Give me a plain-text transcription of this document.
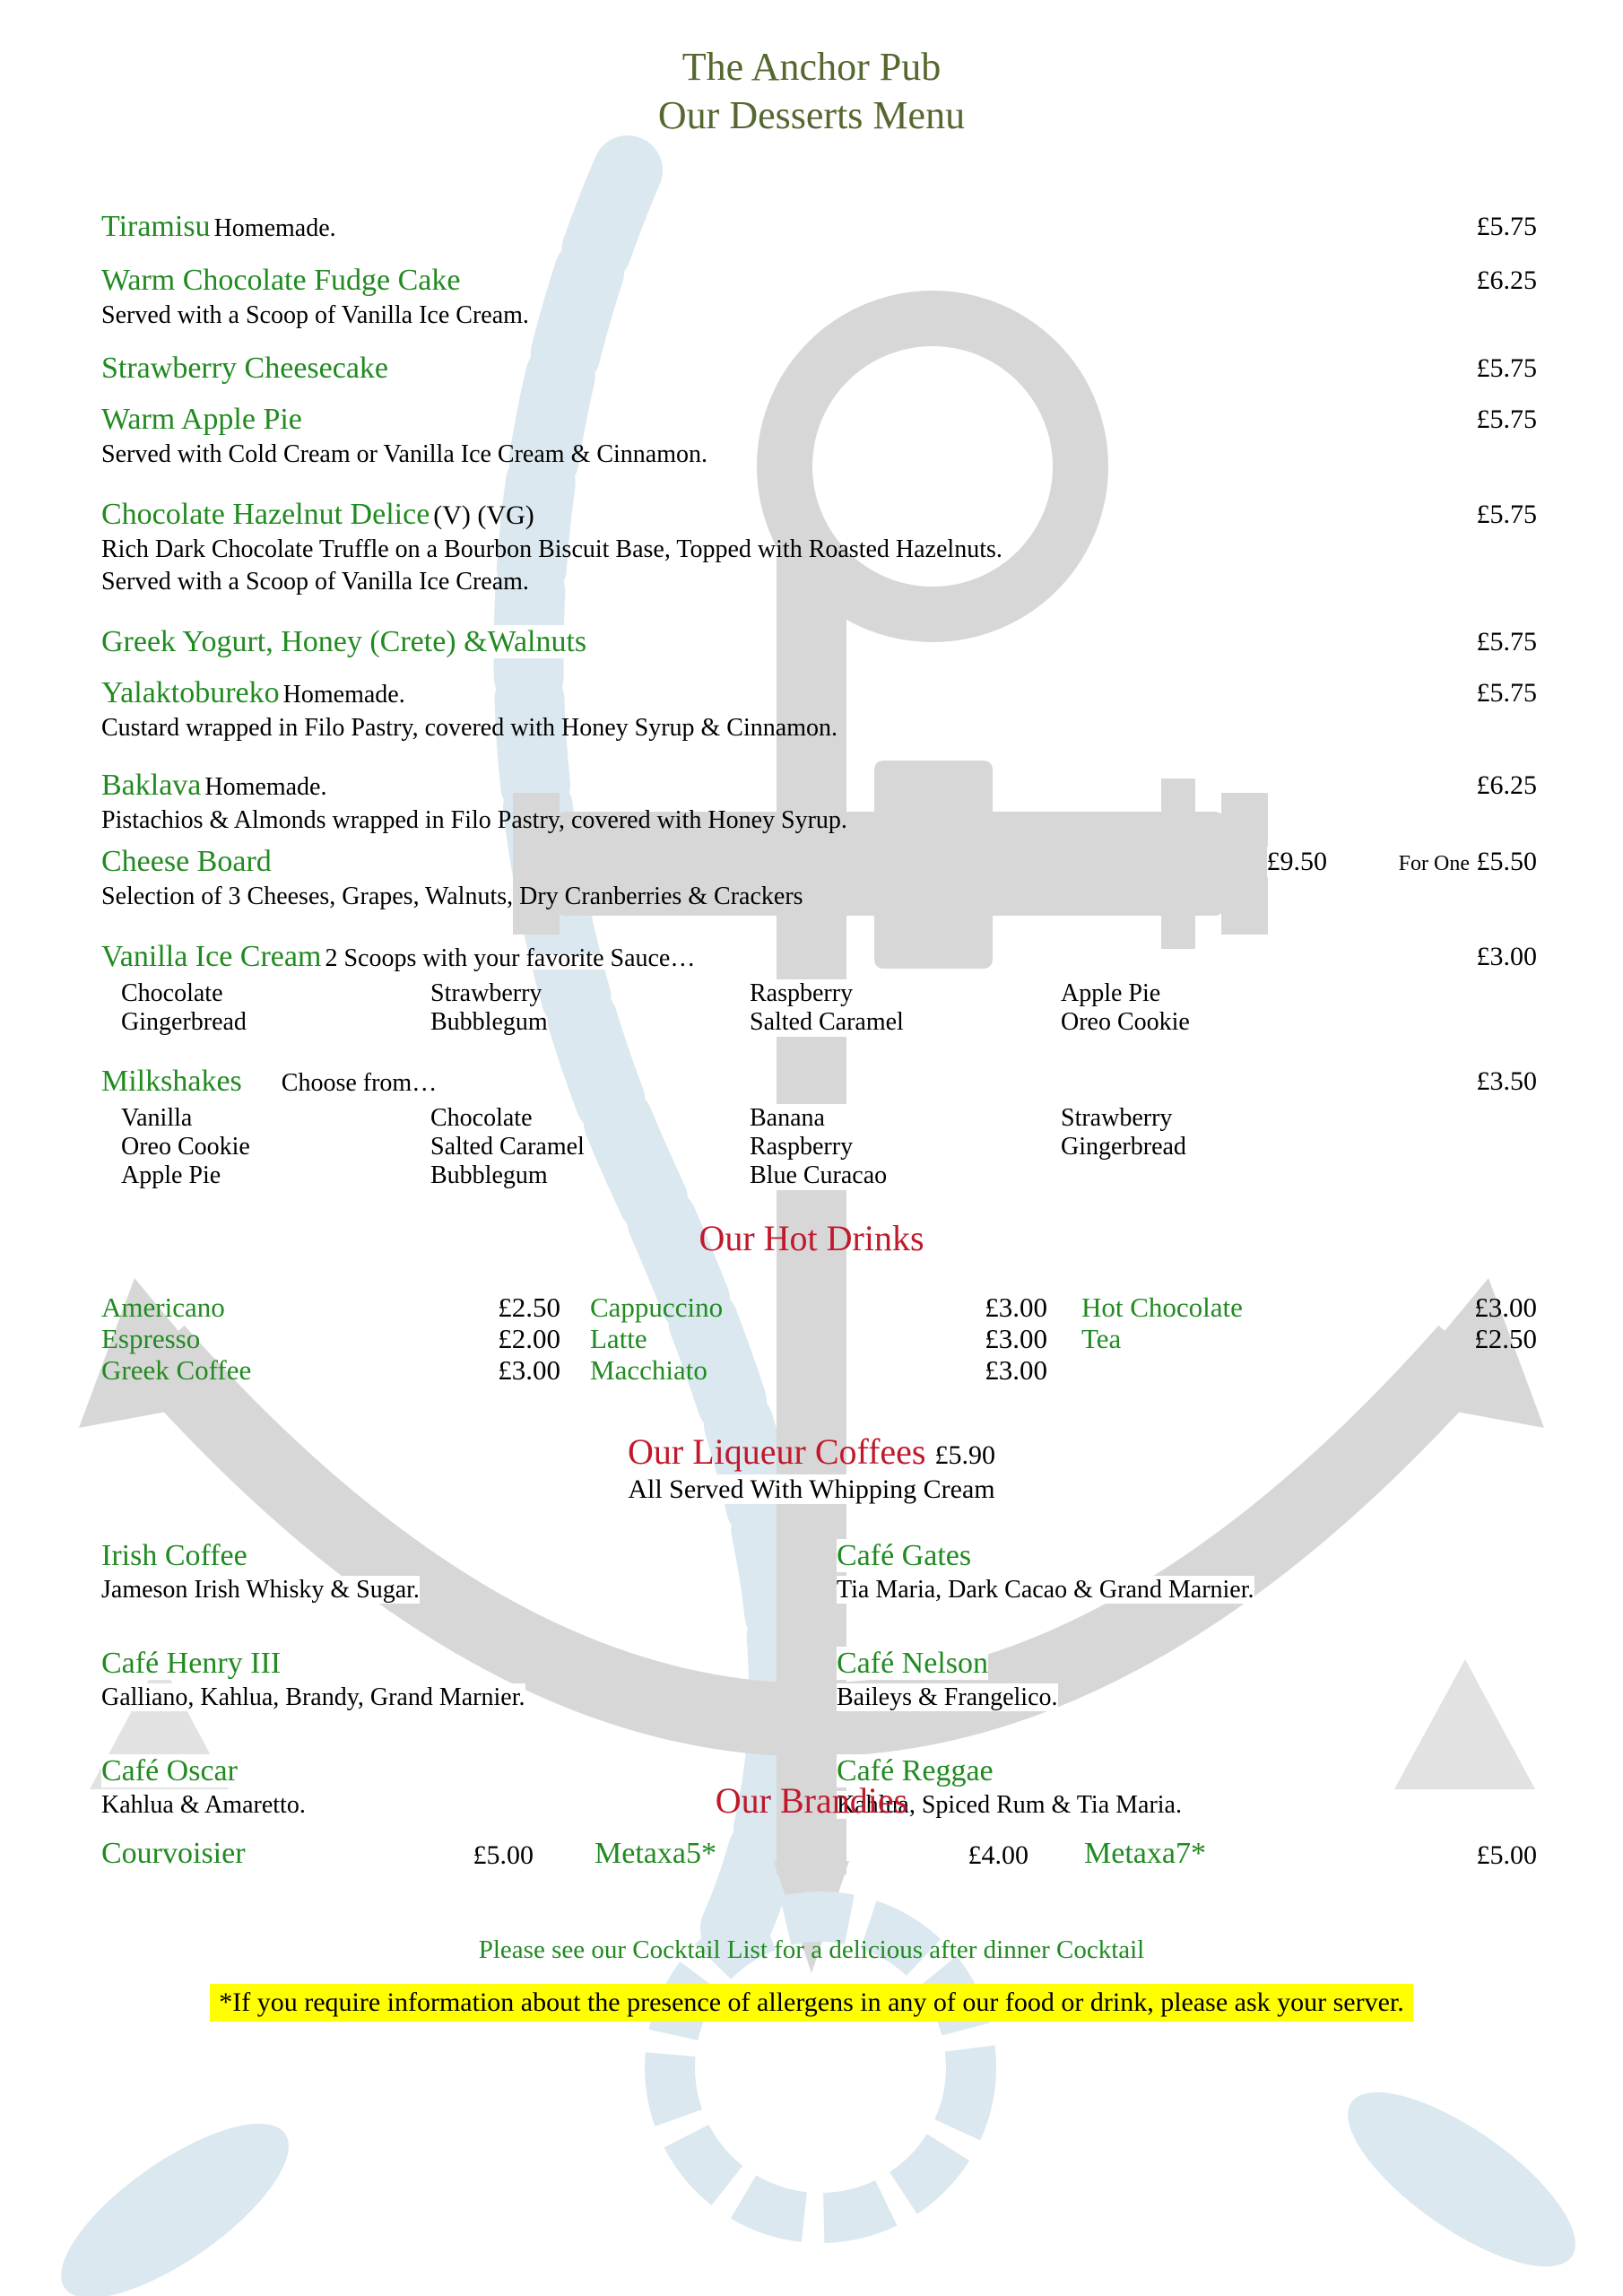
The Anchor Pub
Our Desserts Menu
Tiramisu Homemade.	£5.75
Warm Chocolate Fudge Cake	£6.25
Served with a Scoop of Vanilla Ice Cream.
Strawberry Cheesecake	£5.75
Warm Apple Pie	£5.75
Served with Cold Cream or Vanilla Ice Cream & Cinnamon.
Chocolate Hazelnut Delice (V) (VG)	£5.75
Rich Dark Chocolate Truffle on a Bourbon Biscuit Base, Topped with Roasted Hazelnuts.
Served with a Scoop of Vanilla Ice Cream.
Greek Yogurt, Honey (Crete) &Walnuts	£5.75
Yalaktobureko Homemade.	£5.75
Custard wrapped in Filo Pastry, covered with Honey Syrup & Cinnamon.
Baklava Homemade.	£6.25
Pistachios & Almonds wrapped in Filo Pastry, covered with Honey Syrup.
Cheese Board	£9.50	For One £5.50
Selection of 3 Cheeses, Grapes, Walnuts, Dry Cranberries & Crackers
Vanilla Ice Cream 2 Scoops with your favorite Sauce…	£3.00
Chocolate
Gingerbread
Strawberry
Bubblegum
Raspberry
Salted Caramel
Apple Pie
Oreo Cookie
Milkshakes Choose from…	£3.50
Vanilla
Oreo Cookie
Apple Pie
Chocolate
Salted Caramel
Bubblegum
Banana
Raspberry
Blue Curacao
Strawberry
Gingerbread
Our Hot Drinks
Americano	£2.50
Espresso	£2.00
Greek Coffee	£3.00
Cappuccino	£3.00
Latte	£3.00
Macchiato	£3.00
Hot Chocolate	£3.00
Tea	£2.50
Our Liqueur Coffees £5.90
All Served With Whipping Cream
Irish Coffee
Jameson Irish Whisky & Sugar.
Café Henry III
Galliano, Kahlua, Brandy, Grand Marnier.
Café Oscar
Kahlua & Amaretto.
Café Gates
Tia Maria, Dark Cacao & Grand Marnier.
Café Nelson
Baileys & Frangelico.
Café Reggae
Kahlua, Spiced Rum & Tia Maria.
Our Brandies
Courvoisier	£5.00 Metaxa5*	£4.00 Metaxa7*	£5.00
Please see our Cocktail List for a delicious after dinner Cocktail
*If you require information about the presence of allergens in any of our food or drink, please ask your server.
